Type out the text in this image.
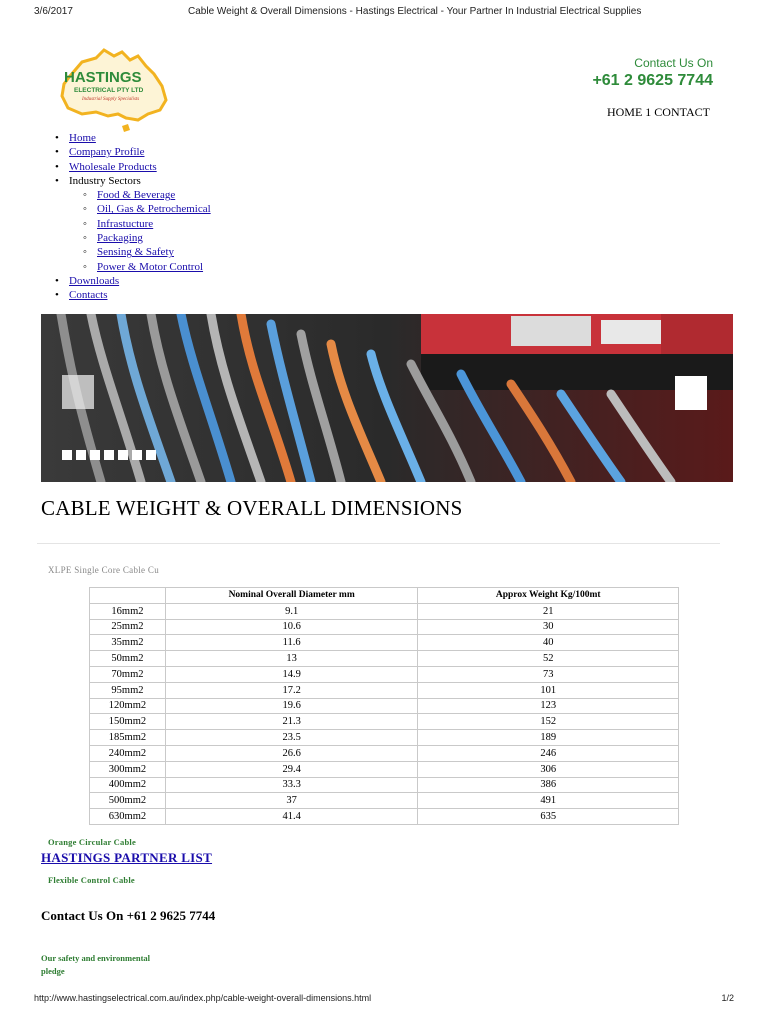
3/6/2017	Cable Weight & Overall Dimensions - Hastings Electrical - Your Partner In Industrial Electrical Supplies
HASTINGS
ELECTRICAL PTY LTD
Industrial Supply Specialists
Contact Us On
+61 2 9625 7744
HOME 1 CONTACT
• Home
• Company Profile
• Wholesale Products
• Industry Sectors
◦ Food & Beverage
◦ Oil, Gas & Petrochemical
◦ Infrastucture
◦ Packaging
◦ Sensing & Safety
◦ Power & Motor Control
• Downloads
• Contacts
CABLE WEIGHT & OVERALL DIMENSIONS
XLPE Single Core Cable Cu
	Nominal Overall Diameter mm	Approx Weight Kg/100mt
16mm2	9.1	21
25mm2	10.6	30
35mm2	11.6	40
50mm2	13	52
70mm2	14.9	73
95mm2	17.2	101
120mm2	19.6	123
150mm2	21.3	152
185mm2	23.5	189
240mm2	26.6	246
300mm2	29.4	306
400mm2	33.3	386
500mm2	37	491
630mm2	41.4	635
Orange Circular Cable
HASTINGS PARTNER LIST
Flexible Control Cable
Contact Us On +61 2 9625 7744
Our safety and environmental pledge
http://www.hastingselectrical.com.au/index.php/cable-weight-overall-dimensions.html	1/2
